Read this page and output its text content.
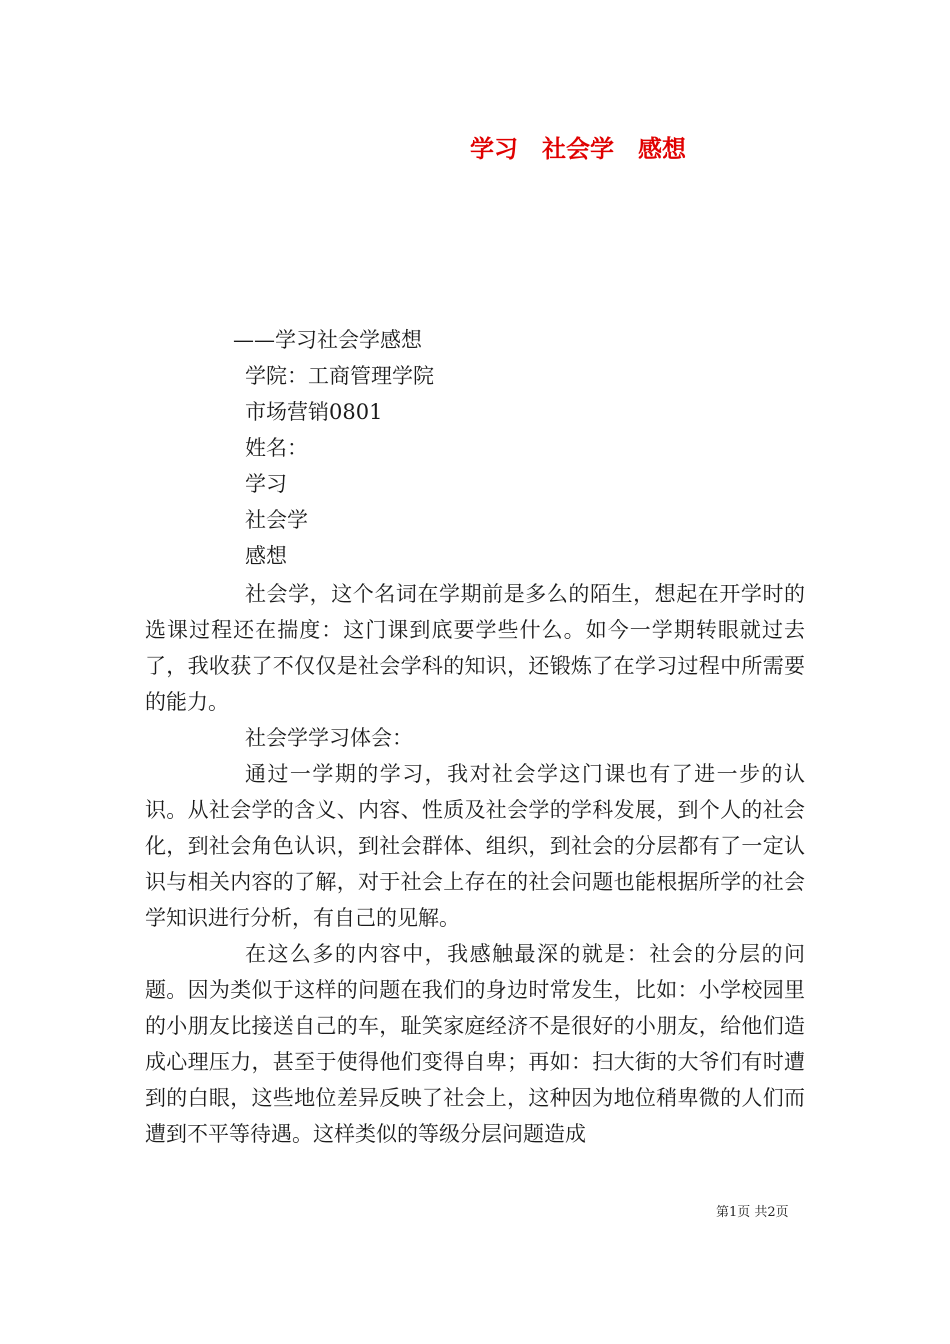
学习　社会学　感想
——学习社会学感想
学院：工商管理学院
市场营销0801
姓名：
学习
社会学
感想

社会学，这个名词在学期前是多么的陌生，想起在开学时的选课过程还在揣度：这门课到底要学些什么。如今一学期转眼就过去了，我收获了不仅仅是社会学科的知识，还锻炼了在学习过程中所需要的能力。

社会学学习体会：

通过一学期的学习，我对社会学这门课也有了进一步的认识。从社会学的含义、内容、性质及社会学的学科发展，到个人的社会化，到社会角色认识，到社会群体、组织，到社会的分层都有了一定认识与相关内容的了解，对于社会上存在的社会问题也能根据所学的社会学知识进行分析，有自己的见解。

在这么多的内容中，我感触最深的就是：社会的分层的问题。因为类似于这样的问题在我们的身边时常发生，比如：小学校园里的小朋友比接送自己的车，耻笑家庭经济不是很好的小朋友，给他们造成心理压力，甚至于使得他们变得自卑；再如：扫大街的大爷们有时遭到的白眼，这些地位差异反映了社会上，这种因为地位稍卑微的人们而遭到不平等待遇。这样类似的等级分层问题造成

第1页 共2页
